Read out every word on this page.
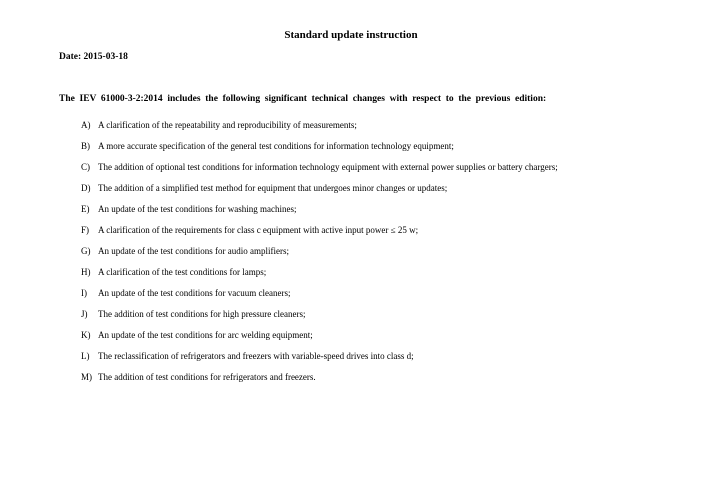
Standard update instruction
Date: 2015-03-18
The IEV 61000-3-2:2014 includes the following significant technical changes with respect to the previous edition:
A) A clarification of the repeatability and reproducibility of measurements;
B) A more accurate specification of the general test conditions for information technology equipment;
C) The addition of optional test conditions for information technology equipment with external power supplies or battery chargers;
D) The addition of a simplified test method for equipment that undergoes minor changes or updates;
E) An update of the test conditions for washing machines;
F) A clarification of the requirements for class c equipment with active input power ≤ 25 w;
G) An update of the test conditions for audio amplifiers;
H) A clarification of the test conditions for lamps;
I)	An update of the test conditions for vacuum cleaners;
J)	The addition of test conditions for high pressure cleaners;
K) An update of the test conditions for arc welding equipment;
L) The reclassification of refrigerators and freezers with variable-speed drives into class d;
M) The addition of test conditions for refrigerators and freezers.
